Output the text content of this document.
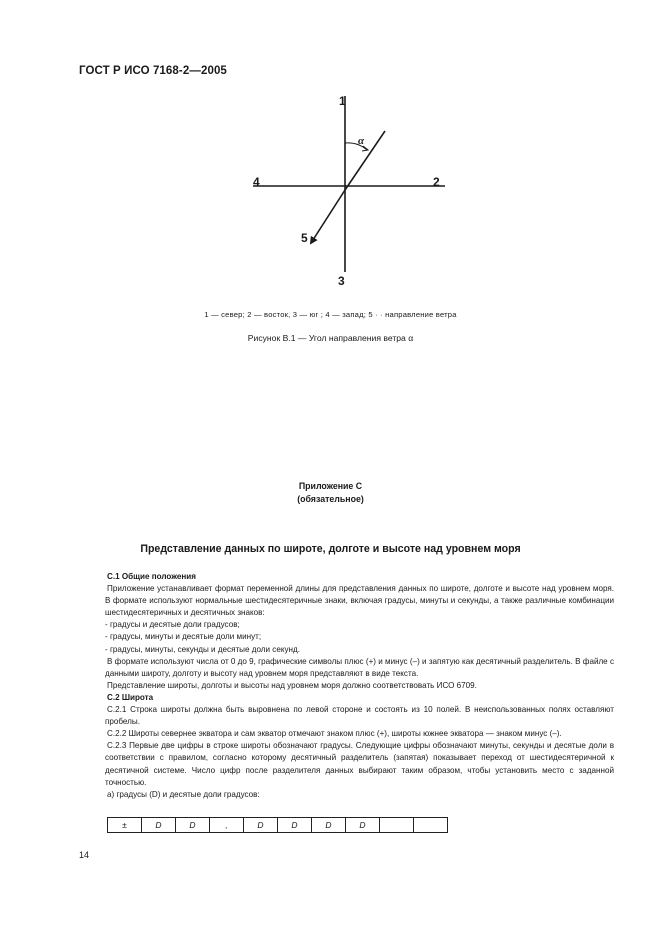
ГОСТ Р ИСО 7168-2—2005
1
2
3
4
5
α
1 — север; 2 — восток, 3 — юг ; 4 — запад; 5 · · направление ветра
Рисунок В.1 — Угол направления ветра α
Приложение С
(обязательное)
Представление данных по широте, долготе и высоте над уровнем моря

С.1 Общие положения

Приложение устанавливает формат переменной длины для представления данных по широте, долготе и высоте над уровнем моря. В формате используют нормальные шестидесятеричные знаки, включая градусы, минуты и секунды, а также различные комбинации шестидесятеричных и десятичных знаков:

- градусы и десятые доли градусов;

- градусы, минуты и десятые доли минут;

- градусы, минуты, секунды и десятые доли секунд.

В формате используют числа от 0 до 9, графические символы плюс (+) и минус (–) и запятую как десятичный разделитель. В файле с данными широту, долготу и высоту над уровнем моря представляют в виде текста.

Представление широты, долготы и высоты над уровнем моря должно соответствовать ИСО 6709.

С.2 Широта

С.2.1 Строка широты должна быть выровнена по левой стороне и состоять из 10 полей. В неиспользованных полях оставляют пробелы.

С.2.2 Широты севернее экватора и сам экватор отмечают знаком плюс (+), широты южнее экватора — знаком минус (–).

С.2.3 Первые две цифры в строке широты обозначают градусы. Следующие цифры обозначают минуты, секунды и десятые доли в соответствии с правилом, согласно которому десятичный разделитель (запятая) показывает переход от шестидесятеричной к десятичной системе. Число цифр после разделителя данных выбирают таким образом, чтобы установить место с заданной точностью.

а) градусы (D) и десятые доли градусов:

±	D	D	,	D	D	D	D		
14
